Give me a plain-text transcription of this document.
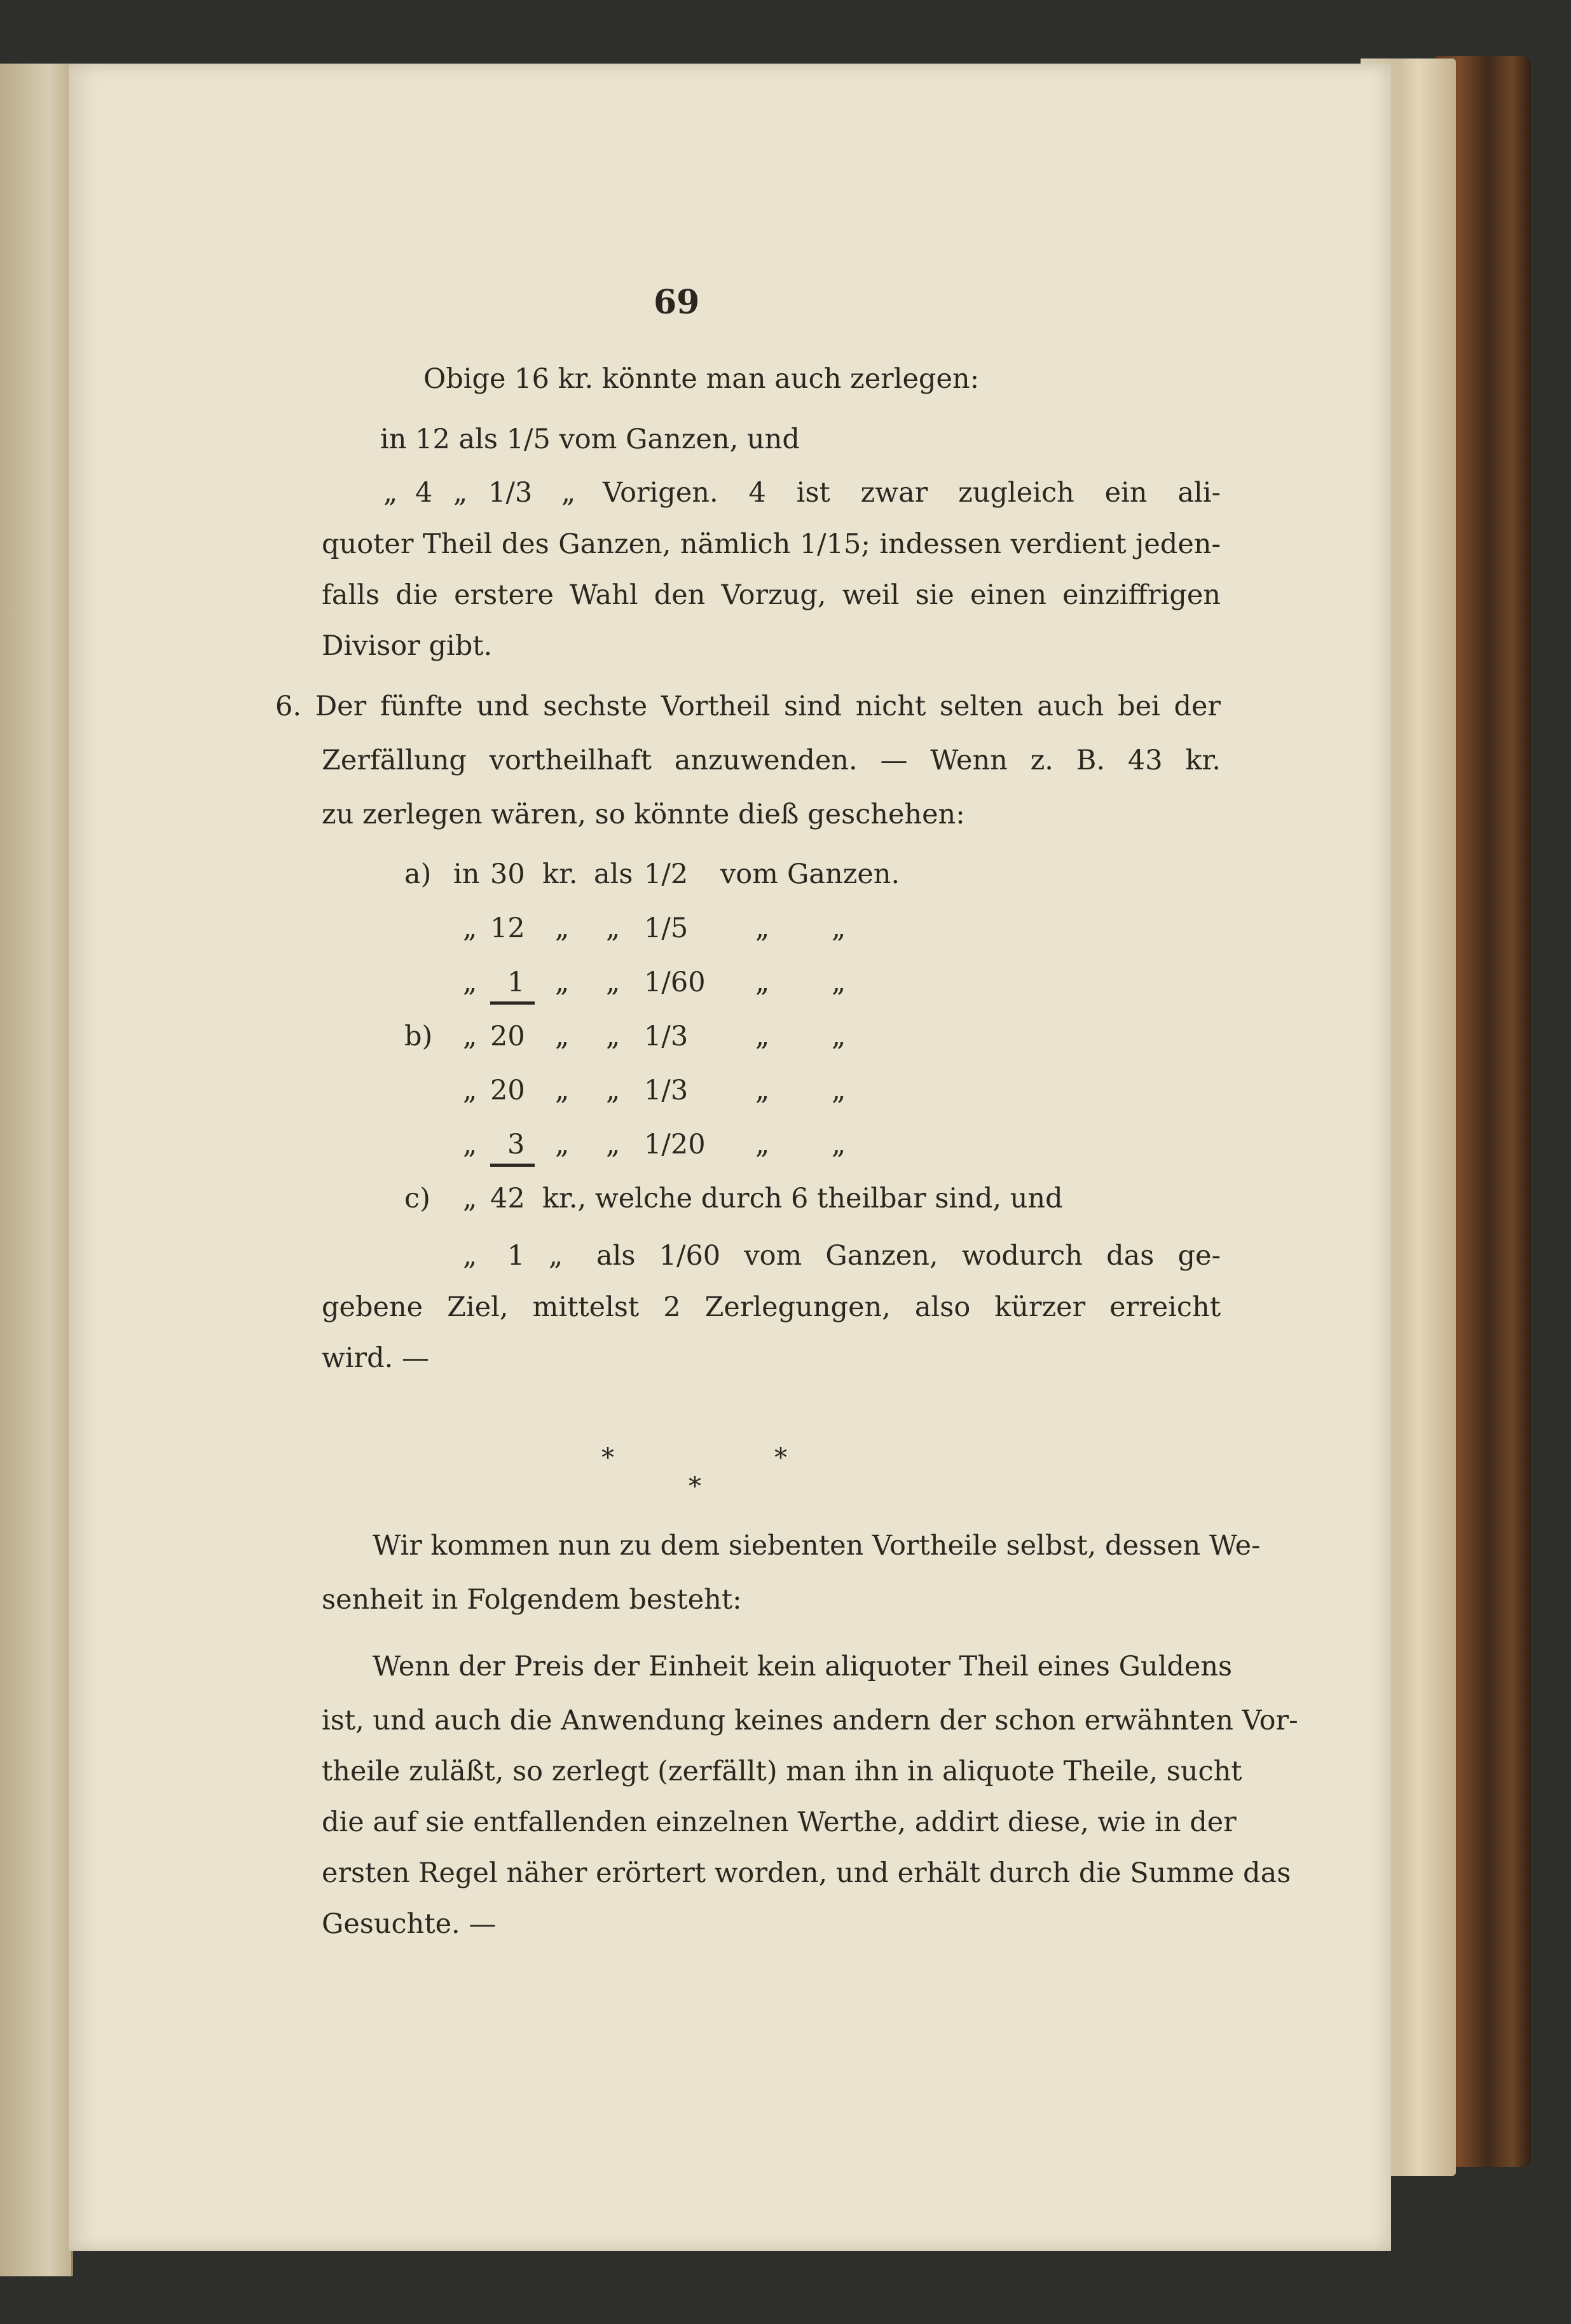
69
Obige 16 kr. könnte man auch zerlegen:
in 12 als 1/5 vom Ganzen, und
„ 4 „ 1/3 „ Vorigen. 4 ist zwar zugleich ein ali-
quoter Theil des Ganzen, nämlich 1/15; indessen verdient jeden-
falls die erstere Wahl den Vorzug, weil sie einen einziffrigen
Divisor gibt.
6. Der fünfte und sechste Vortheil sind nicht selten auch bei der
Zerfällung vortheilhaft anzuwenden. — Wenn z. B. 43 kr.
zu zerlegen wären, so könnte dieß geschehen:
a) in 30 kr. als 1/2 vom Ganzen.
„ 12 „ „ 1/5 „ „
„ 1 „ „ 1/60 „ „
b) „ 20 „ „ 1/3 „ „
„ 20 „ „ 1/3 „ „
„ 3 „ „ 1/20 „ „
c) „ 42 kr., welche durch 6 theilbar sind, und
„ 1 „ als 1/60 vom Ganzen, wodurch das ge-
gebene Ziel, mittelst 2 Zerlegungen, also kürzer erreicht
wird. —
*	*
*
Wir kommen nun zu dem siebenten Vortheile selbst, dessen We-
senheit in Folgendem besteht:
Wenn der Preis der Einheit kein aliquoter Theil eines Guldens
ist, und auch die Anwendung keines andern der schon erwähnten Vor-
theile zuläßt, so zerlegt (zerfällt) man ihn in aliquote Theile, sucht
die auf sie entfallenden einzelnen Werthe, addirt diese, wie in der
ersten Regel näher erörtert worden, und erhält durch die Summe das
Gesuchte. —
